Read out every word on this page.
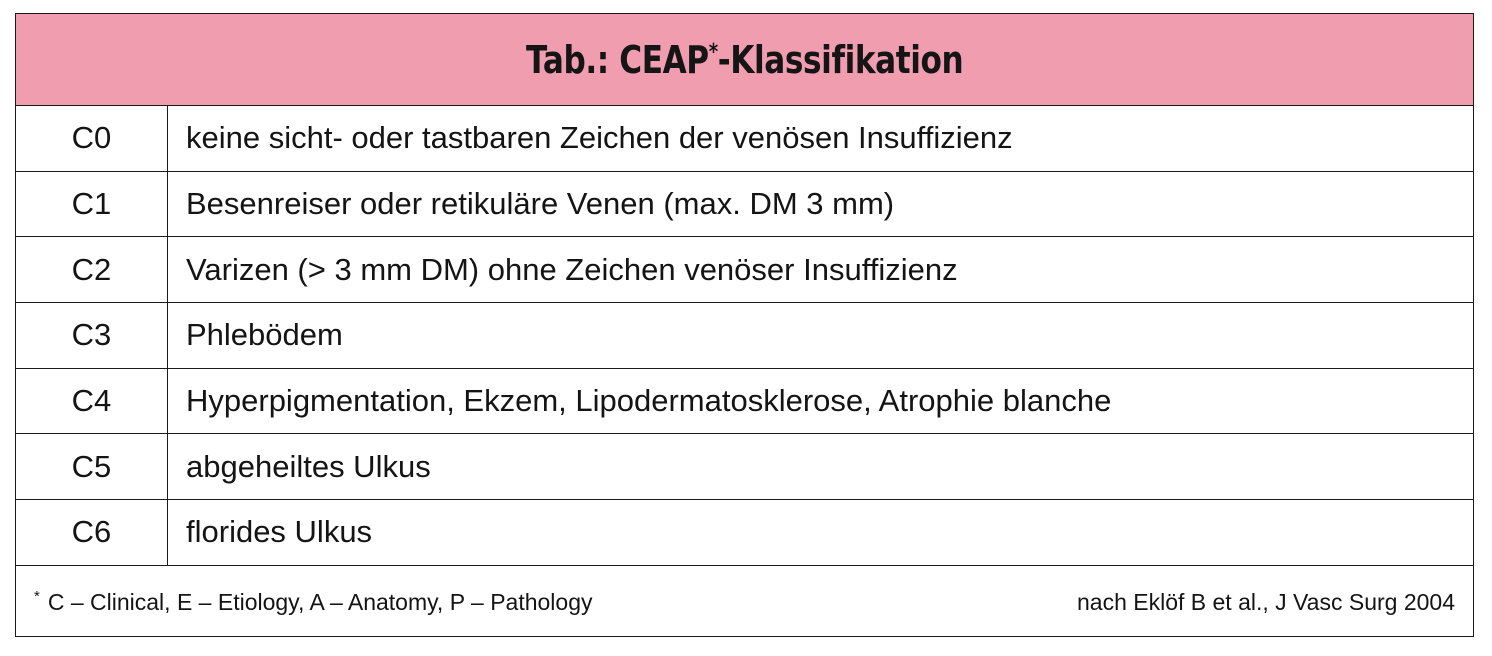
Tab.: CEAP*-Klassifikation
C0	keine sicht- oder tastbaren Zeichen der venösen Insuffizienz
C1	Besenreiser oder retikuläre Venen (max. DM 3 mm)
C2	Varizen (> 3 mm DM) ohne Zeichen venöser Insuffizienz
C3	Phlebödem
C4	Hyperpigmentation, Ekzem, Lipodermatosklerose, Atrophie blanche
C5	abgeheiltes Ulkus
C6	florides Ulkus
* C – Clinical, E – Etiology, A – Anatomy, P – Pathology	nach Eklöf B et al., J Vasc Surg 2004
